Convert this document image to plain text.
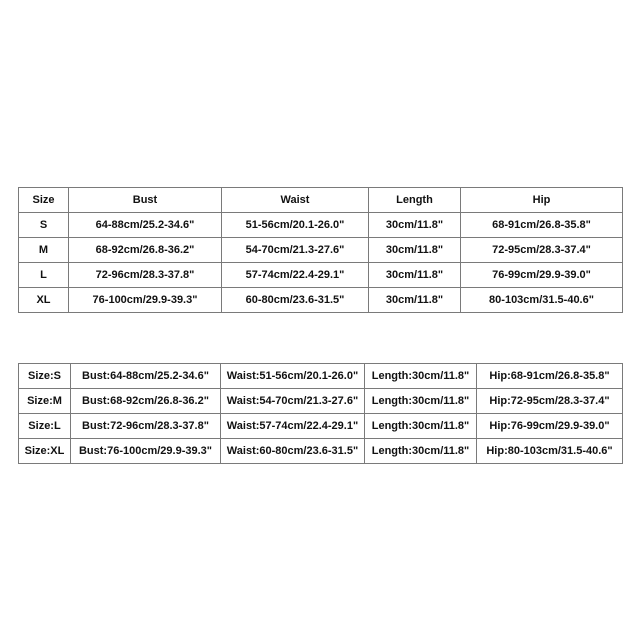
Size	Bust	Waist	Length	Hip
S	64-88cm/25.2-34.6"	51-56cm/20.1-26.0"	30cm/11.8"	68-91cm/26.8-35.8"
M	68-92cm/26.8-36.2"	54-70cm/21.3-27.6"	30cm/11.8"	72-95cm/28.3-37.4"
L	72-96cm/28.3-37.8"	57-74cm/22.4-29.1"	30cm/11.8"	76-99cm/29.9-39.0"
XL	76-100cm/29.9-39.3"	60-80cm/23.6-31.5"	30cm/11.8"	80-103cm/31.5-40.6"
Size:S	Bust:64-88cm/25.2-34.6"	Waist:51-56cm/20.1-26.0"	Length:30cm/11.8"	Hip:68-91cm/26.8-35.8"
Size:M	Bust:68-92cm/26.8-36.2"	Waist:54-70cm/21.3-27.6"	Length:30cm/11.8"	Hip:72-95cm/28.3-37.4"
Size:L	Bust:72-96cm/28.3-37.8"	Waist:57-74cm/22.4-29.1"	Length:30cm/11.8"	Hip:76-99cm/29.9-39.0"
Size:XL	Bust:76-100cm/29.9-39.3"	Waist:60-80cm/23.6-31.5"	Length:30cm/11.8"	Hip:80-103cm/31.5-40.6"
